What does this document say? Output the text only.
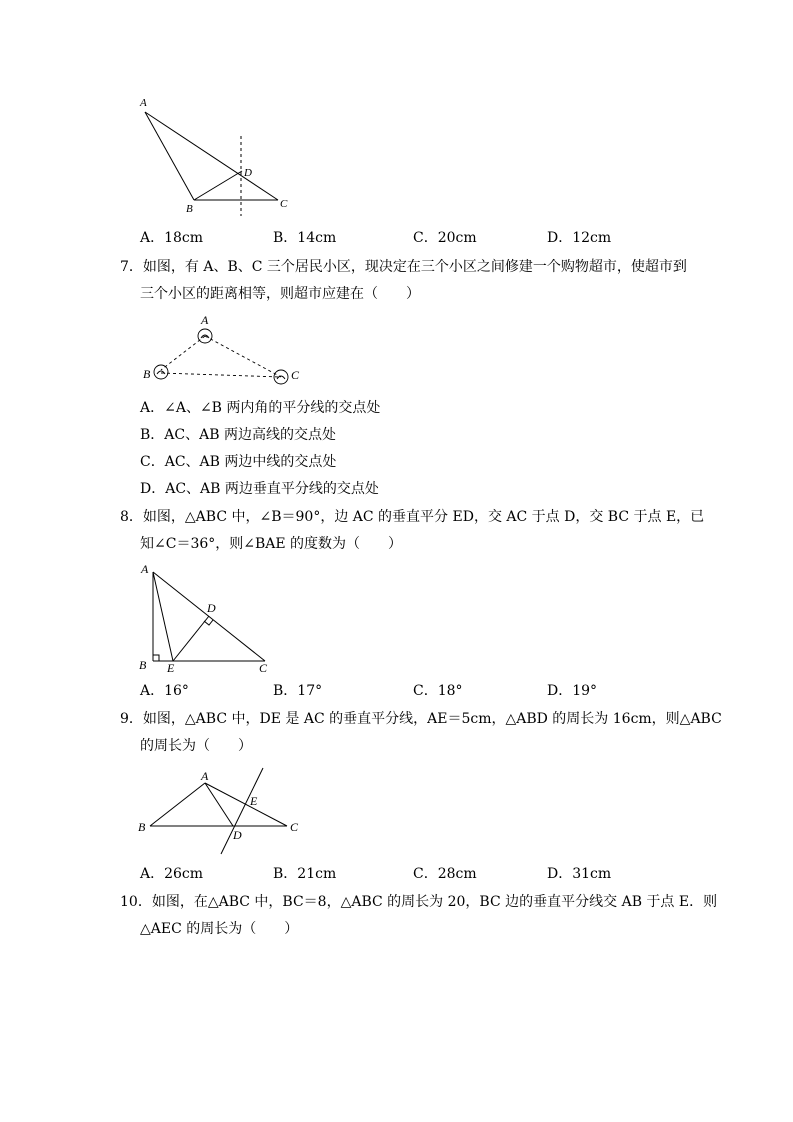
A
B	C
D
A．18cm	B．14cm	C．20cm	D．12cm
7．如图，有 A、B、C 三个居民小区，现决定在三个小区之间修建一个购物超市，使超市到
三个小区的距离相等，则超市应建在（　　）
A
B	C
A．∠A、∠B 两内角的平分线的交点处
B．AC、AB 两边高线的交点处
C．AC、AB 两边中线的交点处
D．AC、AB 两边垂直平分线的交点处
8．如图，△ABC 中，∠B＝90°，边 AC 的垂直平分 ED，交 AC 于点 D，交 BC 于点 E，已
知∠C＝36°，则∠BAE 的度数为（　　）
A
B E	C
D
A．16°	B．17°	C．18°	D．19°
9．如图，△ABC 中，DE 是 AC 的垂直平分线，AE＝5cm，△ABD 的周长为 16cm，则△ABC
的周长为（　　）
A
B	C
D
E
A．26cm	B．21cm	C．28cm	D．31cm
10．如图，在△ABC 中，BC＝8，△ABC 的周长为 20，BC 边的垂直平分线交 AB 于点 E．则
△AEC 的周长为（　　）
